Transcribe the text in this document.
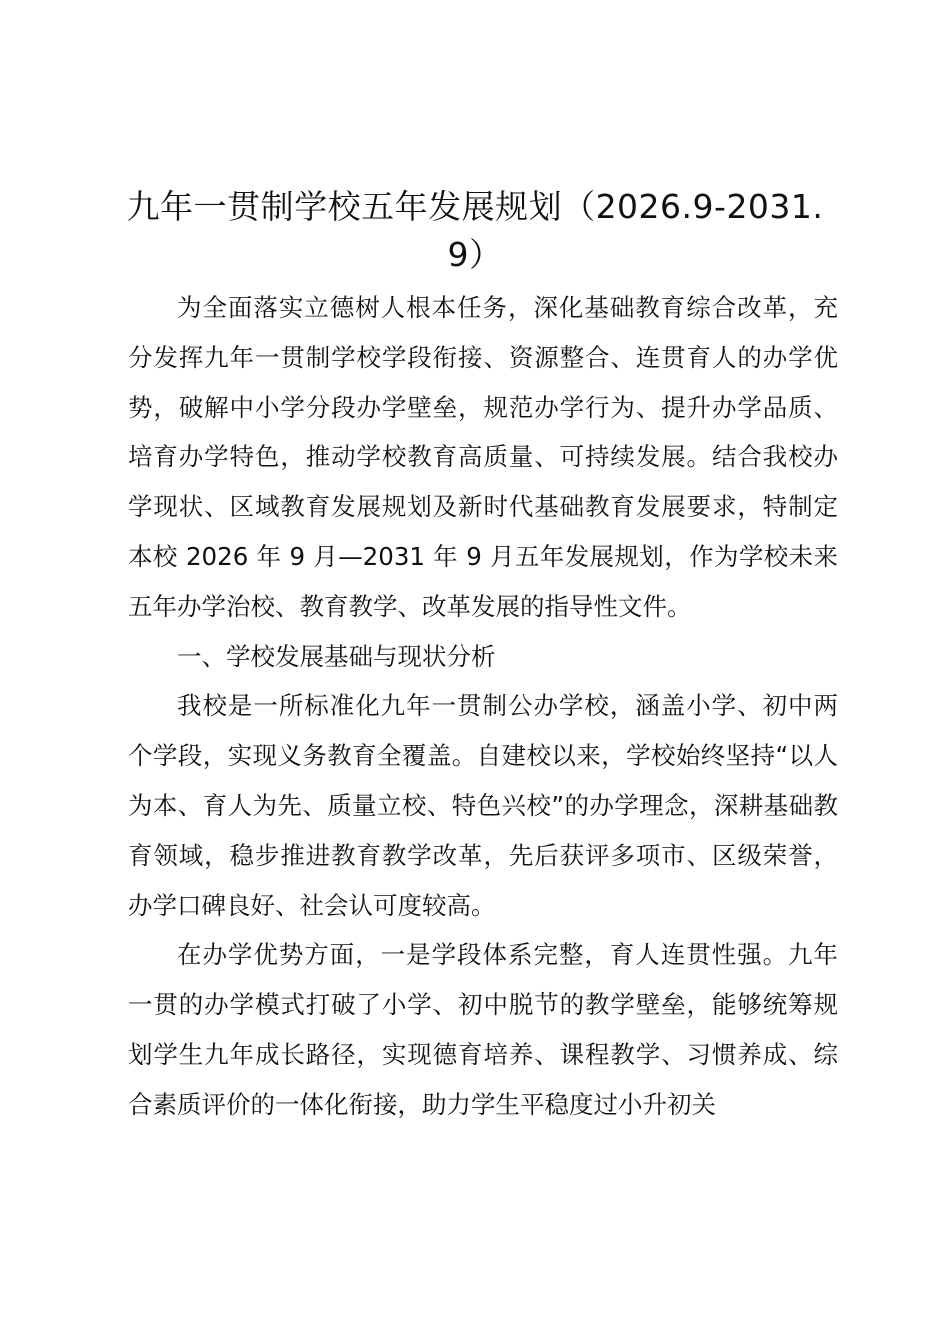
九年一贯制学校五年发展规划（2026.9-2031.9）

为全面落实立德树人根本任务，深化基础教育综合改革，充分发挥九年一贯制学校学段衔接、资源整合、连贯育人的办学优势，破解中小学分段办学壁垒，规范办学行为、提升办学品质、培育办学特色，推动学校教育高质量、可持续发展。结合我校办学现状、区域教育发展规划及新时代基础教育发展要求，特制定本校 2026 年 9 月—2031 年 9 月五年发展规划，作为学校未来五年办学治校、教育教学、改革发展的指导性文件。

一、学校发展基础与现状分析

我校是一所标准化九年一贯制公办学校，涵盖小学、初中两个学段，实现义务教育全覆盖。自建校以来，学校始终坚持“以人为本、育人为先、质量立校、特色兴校”的办学理念，深耕基础教育领域，稳步推进教育教学改革，先后获评多项市、区级荣誉，办学口碑良好、社会认可度较高。

在办学优势方面，一是学段体系完整，育人连贯性强。九年一贯的办学模式打破了小学、初中脱节的教学壁垒，能够统筹规划学生九年成长路径，实现德育培养、课程教学、习惯养成、综合素质评价的一体化衔接，助力学生平稳度过小升初关
